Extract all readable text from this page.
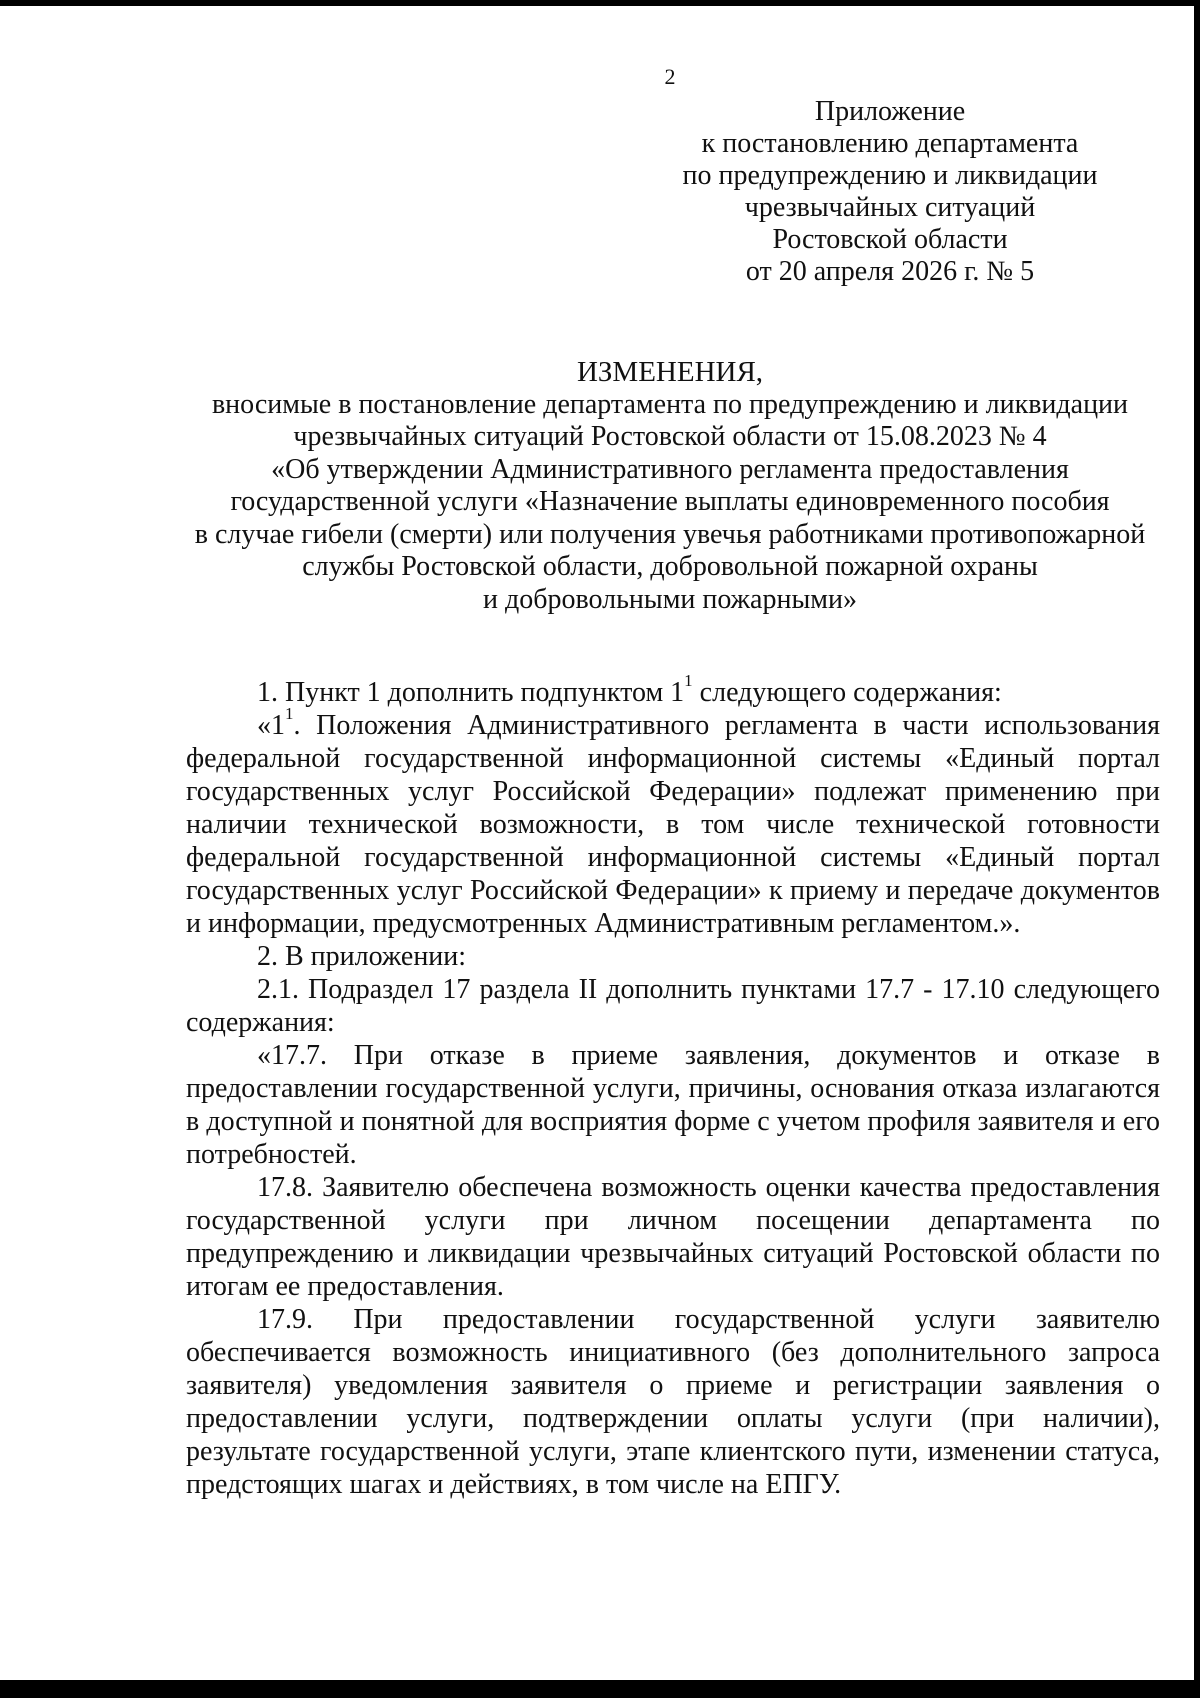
2
Приложение
к постановлению департамента
по предупреждению и ликвидации
чрезвычайных ситуаций
Ростовской области
от 20 апреля 2026 г. № 5
ИЗМЕНЕНИЯ,
вносимые в постановление департамента по предупреждению и ликвидации
чрезвычайных ситуаций Ростовской области от 15.08.2023 № 4
«Об утверждении Административного регламента предоставления
государственной услуги «Назначение выплаты единовременного пособия
в случае гибели (смерти) или получения увечья работниками противопожарной
службы Ростовской области, добровольной пожарной охраны
и добровольными пожарными»

1. Пункт 1 дополнить подпунктом $1^1$ следующего содержания:

«$1^1$. Положения Административного регламента в части использования федеральной государственной информационной системы «Единый портал государственных услуг Российской Федерации» подлежат применению при наличии технической возможности, в том числе технической готовности федеральной государственной информационной системы «Единый портал государственных услуг Российской Федерации» к приему и передаче документов и информации, предусмотренных Административным регламентом.».

2. В приложении:

2.1. Подраздел 17 раздела II дополнить пунктами 17.7 - 17.10 следующего содержания:

«17.7. При отказе в приеме заявления, документов и отказе в предоставлении государственной услуги, причины, основания отказа излагаются в доступной и понятной для восприятия форме с учетом профиля заявителя и его потребностей.

17.8. Заявителю обеспечена возможность оценки качества предоставления государственной услуги при личном посещении департамента по предупреждению и ликвидации чрезвычайных ситуаций Ростовской области по итогам ее предоставления.

17.9. При предоставлении государственной услуги заявителю обеспечивается возможность инициативного (без дополнительного запроса заявителя) уведомления заявителя о приеме и регистрации заявления о предоставлении услуги, подтверждении оплаты услуги (при наличии), результате государственной услуги, этапе клиентского пути, изменении статуса, предстоящих шагах и действиях, в том числе на ЕПГУ.
